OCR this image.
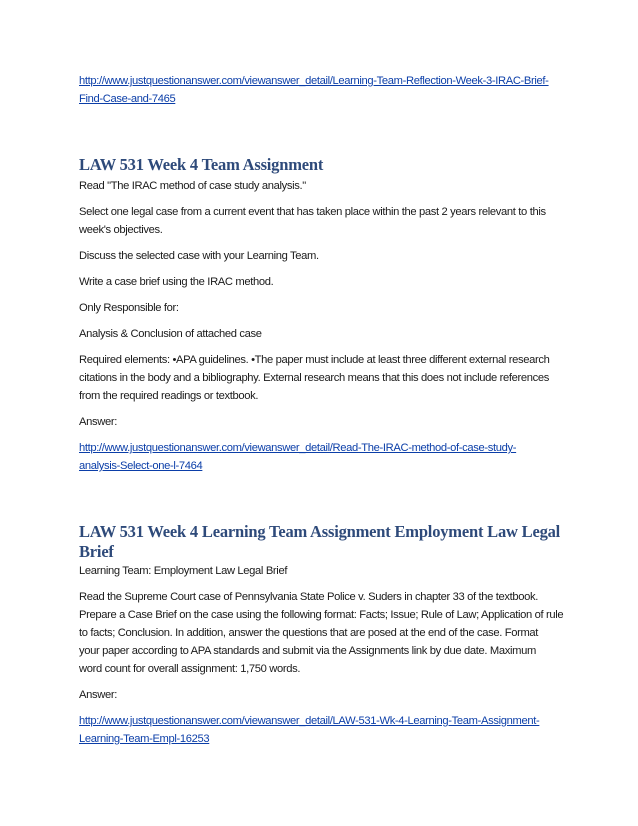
http://www.justquestionanswer.com/viewanswer_detail/Learning-Team-Reflection-Week-3-IRAC-Brief-
Find-Case-and-7465
LAW 531 Week 4 Team Assignment

Read "The IRAC method of case study analysis."

Select one legal case from a current event that has taken place within the past 2 years relevant to this

week's objectives.

Discuss the selected case with your Learning Team.

Write a case brief using the IRAC method.

Only Responsible for:

Analysis & Conclusion of attached case

Required elements: •APA guidelines. •The paper must include at least three different external research

citations in the body and a bibliography. External research means that this does not include references

from the required readings or textbook.

Answer:

http://www.justquestionanswer.com/viewanswer_detail/Read-The-IRAC-method-of-case-study-
analysis-Select-one-l-7464
LAW 531 Week 4 Learning Team Assignment Employment Law Legal
Brief

Learning Team: Employment Law Legal Brief

Read the Supreme Court case of Pennsylvania State Police v. Suders in chapter 33 of the textbook.

Prepare a Case Brief on the case using the following format: Facts; Issue; Rule of Law; Application of rule

to facts; Conclusion. In addition, answer the questions that are posed at the end of the case. Format

your paper according to APA standards and submit via the Assignments link by due date. Maximum

word count for overall assignment: 1,750 words.

Answer:

http://www.justquestionanswer.com/viewanswer_detail/LAW-531-Wk-4-Learning-Team-Assignment-
Learning-Team-Empl-16253
